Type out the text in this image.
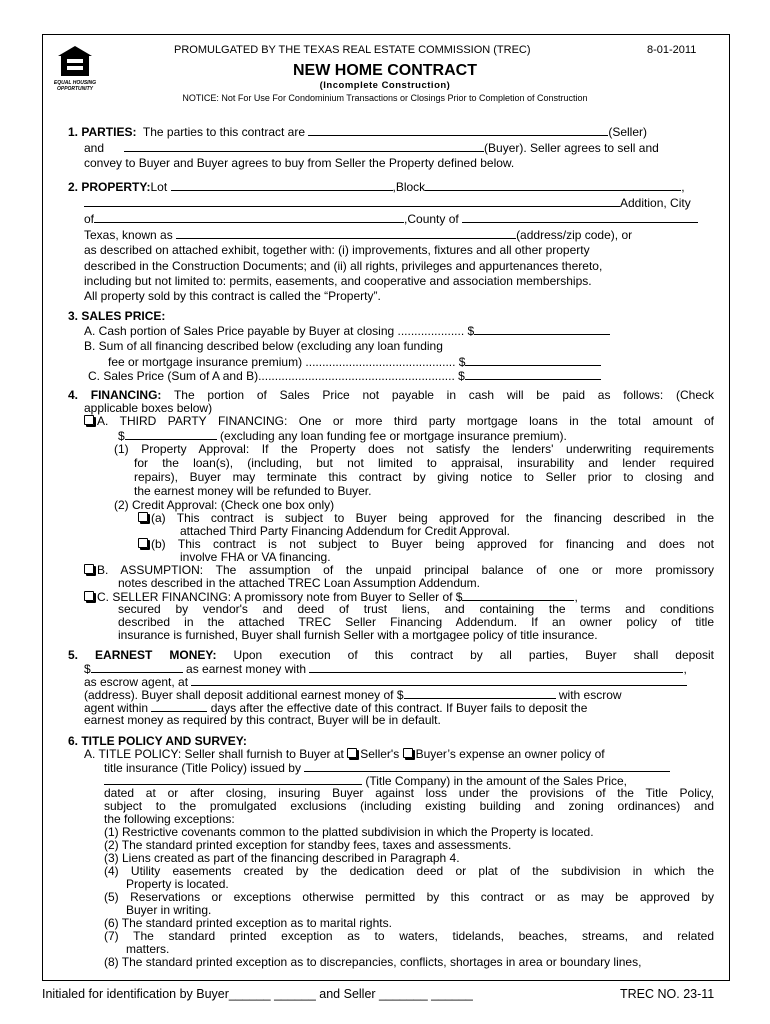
EQUAL HOUSING
OPPORTUNITY
PROMULGATED BY THE TEXAS REAL ESTATE COMMISSION (TREC)	8-01-2011
NEW HOME CONTRACT
(Incomplete Construction)
NOTICE: Not For Use For Condominium Transactions or Closings Prior to Completion of Construction
1. PARTIES: The parties to this contract are	(Seller)
and	(Buyer). Seller agrees to sell and
convey to Buyer and Buyer agrees to buy from Seller the Property defined below.
2. PROPERTY:Lot	,Block	,
Addition, City
of	,County of
Texas, known as	(address/zip code), or
as described on attached exhibit, together with: (i) improvements, fixtures and all other property
described in the Construction Documents; and (ii) all rights, privileges and appurtenances thereto,
including but not limited to: permits, easements, and cooperative and association memberships.
All property sold by this contract is called the “Property”.
3. SALES PRICE:
A. Cash portion of Sales Price payable by Buyer at closing .................... $
B. Sum of all financing described below (excluding any loan funding
fee or mortgage insurance premium) ............................................. $
C. Sales Price (Sum of A and B)........................................................... $
4. FINANCING: The portion of Sales Price not payable in cash will be paid as follows: (Check
applicable boxes below)
A. THIRD PARTY FINANCING: One or more third party mortgage loans in the total amount of
$	(excluding any loan funding fee or mortgage insurance premium).
(1) Property Approval: If the Property does not satisfy the lenders' underwriting requirements
for the loan(s), (including, but not limited to appraisal, insurability and lender required
repairs), Buyer may terminate this contract by giving notice to Seller prior to closing and
the earnest money will be refunded to Buyer.
(2) Credit Approval: (Check one box only)
(a) This contract is subject to Buyer being approved for the financing described in the
attached Third Party Financing Addendum for Credit Approval.
(b) This contract is not subject to Buyer being approved for financing and does not
involve FHA or VA financing.
B. ASSUMPTION: The assumption of the unpaid principal balance of one or more promissory
notes described in the attached TREC Loan Assumption Addendum.
C. SELLER FINANCING: A promissory note from Buyer to Seller of $	,
secured by vendor's and deed of trust liens, and containing the terms and conditions
described in the attached TREC Seller Financing Addendum. If an owner policy of title
insurance is furnished, Buyer shall furnish Seller with a mortgagee policy of title insurance.
5. EARNEST MONEY: Upon execution of this contract by all parties, Buyer shall deposit
$	as earnest money with	,
as escrow agent, at
(address). Buyer shall deposit additional earnest money of $	with escrow
agent within	days after the effective date of this contract. If Buyer fails to deposit the
earnest money as required by this contract, Buyer will be in default.
6. TITLE POLICY AND SURVEY:
A. TITLE POLICY: Seller shall furnish to Buyer at Seller's Buyer’s expense an owner policy of
title insurance (Title Policy) issued by
(Title Company) in the amount of the Sales Price,
dated at or after closing, insuring Buyer against loss under the provisions of the Title Policy,
subject to the promulgated exclusions (including existing building and zoning ordinances) and
the following exceptions:
(1) Restrictive covenants common to the platted subdivision in which the Property is located.
(2) The standard printed exception for standby fees, taxes and assessments.
(3) Liens created as part of the financing described in Paragraph 4.
(4) Utility easements created by the dedication deed or plat of the subdivision in which the
Property is located.
(5) Reservations or exceptions otherwise permitted by this contract or as may be approved by
Buyer in writing.
(6) The standard printed exception as to marital rights.
(7) The standard printed exception as to waters, tidelands, beaches, streams, and related
matters.
(8) The standard printed exception as to discrepancies, conflicts, shortages in area or boundary lines,
Initialed for identification by Buyer______ ______ and Seller _______ ______	TREC NO. 23-11
